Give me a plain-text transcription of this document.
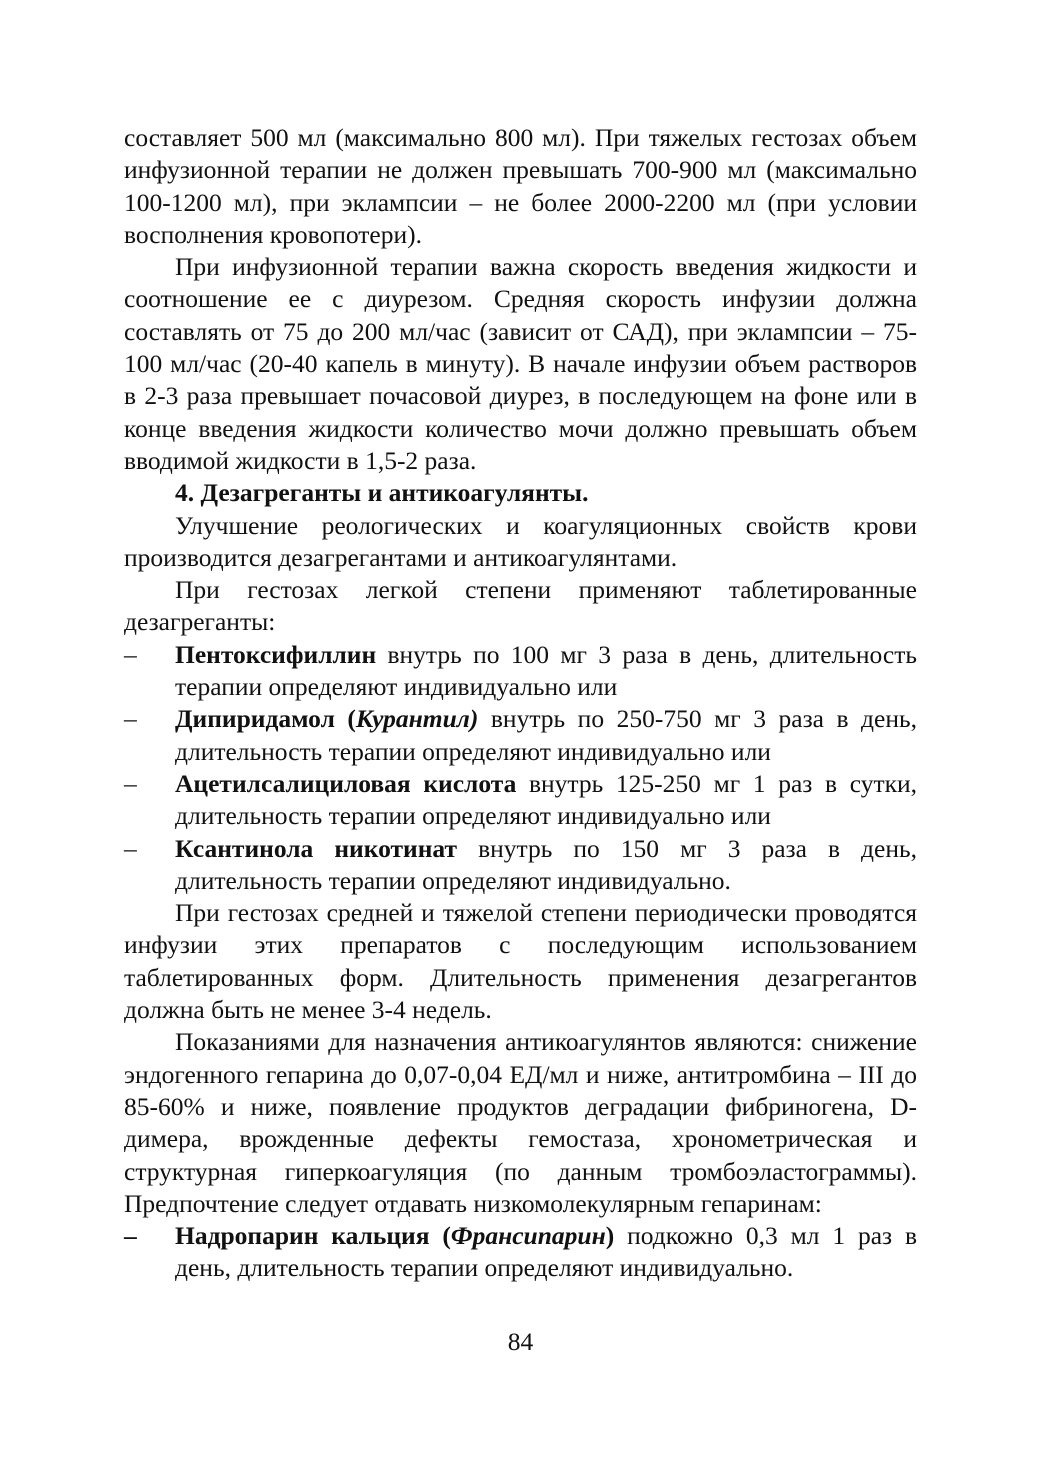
составляет 500 мл (максимально 800 мл). При тяжелых гестозах объем инфузионной терапии не должен превышать 700-900 мл (максимально 100-1200 мл), при эклампсии – не более 2000-2200 мл (при условии восполнения кровопотери).

При инфузионной терапии важна скорость введения жидкости и соотношение ее с диурезом. Средняя скорость инфузии должна составлять от 75 до 200 мл/час (зависит от САД), при эклампсии – 75-100 мл/час (20-40 капель в минуту). В начале инфузии объем растворов в 2-3 раза превышает почасовой диурез, в последующем на фоне или в конце введения жидкости количество мочи должно превышать объем вводимой жидкости в 1,5-2 раза.

4. Дезагреганты и антикоагулянты.

Улучшение реологических и коагуляционных свойств крови производится дезагрегантами и антикоагулянтами.

При гестозах легкой степени применяют таблетированные дезагреганты:

– Пентоксифиллин внутрь по 100 мг 3 раза в день, длительность терапии определяют индивидуально или
– Дипиридамол (Курантил) внутрь по 250-750 мг 3 раза в день, длительность терапии определяют индивидуально или
– Ацетилсалициловая кислота внутрь 125-250 мг 1 раз в сутки, длительность терапии определяют индивидуально или
– Ксантинола никотинат внутрь по 150 мг 3 раза в день, длительность терапии определяют индивидуально.

При гестозах средней и тяжелой степени периодически проводятся инфузии этих препаратов с последующим использованием таблетированных форм. Длительность применения дезагрегантов должна быть не менее 3-4 недель.

Показаниями для назначения антикоагулянтов являются: снижение эндогенного гепарина до 0,07-0,04 ЕД/мл и ниже, антитромбина – III до 85-60% и ниже, появление продуктов деградации фибриногена, D-димера, врожденные дефекты гемостаза, хронометрическая и структурная гиперкоагуляция (по данным тромбоэластограммы). Предпочтение следует отдавать низкомолекулярным гепаринам:

– Надропарин кальция (Франсипарин) подкожно 0,3 мл 1 раз в день, длительность терапии определяют индивидуально.
84
